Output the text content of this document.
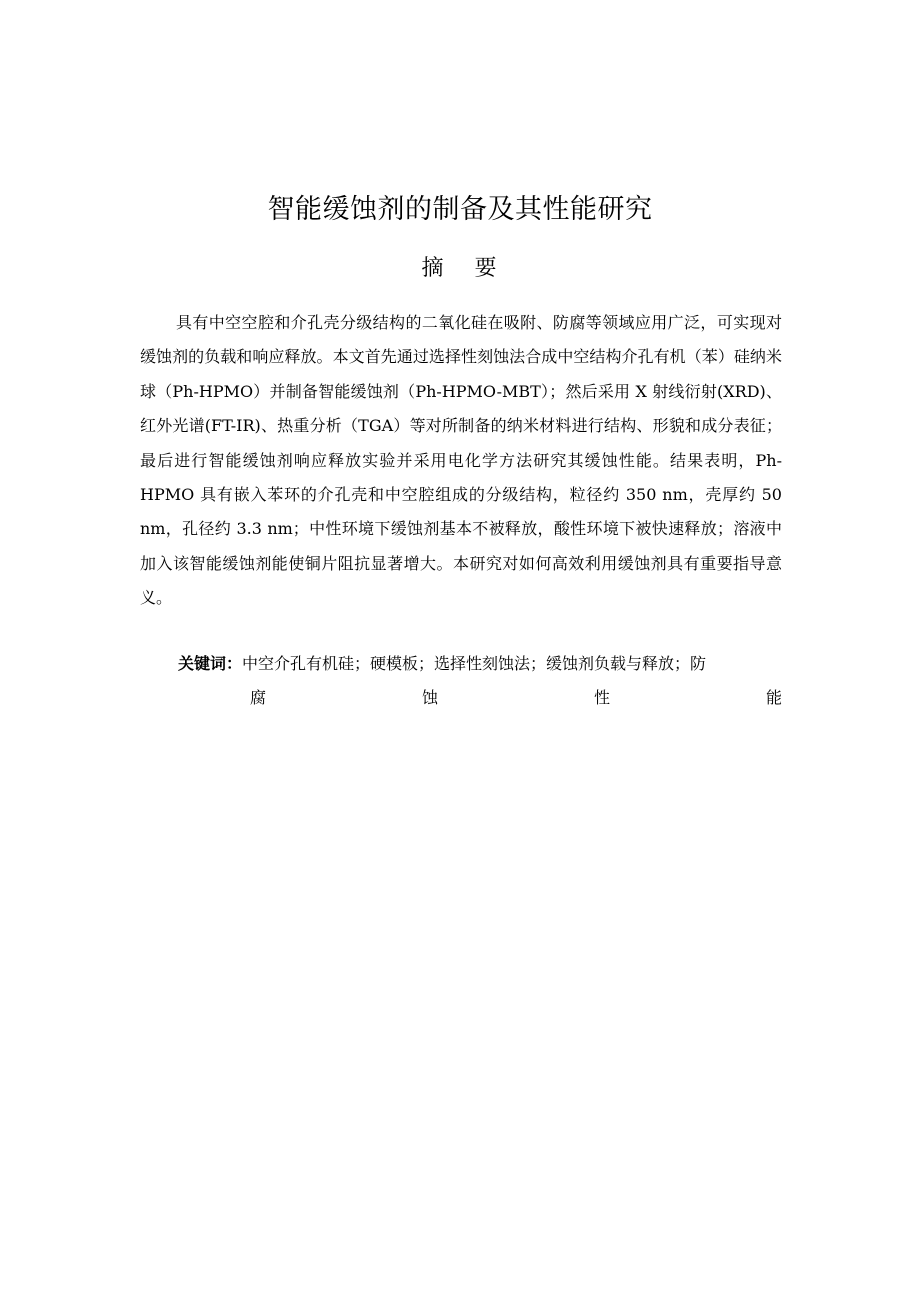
智能缓蚀剂的制备及其性能研究
摘 要

具有中空空腔和介孔壳分级结构的二氧化硅在吸附、防腐等领域应用广泛，可实现对缓蚀剂的负载和响应释放。本文首先通过选择性刻蚀法合成中空结构介孔有机（苯）硅纳米球（Ph-HPMO）并制备智能缓蚀剂（Ph-HPMO-MBT）；然后采用 X 射线衍射(XRD)、红外光谱(FT-IR)、热重分析（TGA）等对所制备的纳米材料进行结构、形貌和成分表征；最后进行智能缓蚀剂响应释放实验并采用电化学方法研究其缓蚀性能。结果表明，Ph-HPMO 具有嵌入苯环的介孔壳和中空腔组成的分级结构，粒径约 350 nm，壳厚约 50 nm，孔径约 3.3 nm；中性环境下缓蚀剂基本不被释放，酸性环境下被快速释放；溶液中加入该智能缓蚀剂能使铜片阻抗显著增大。本研究对如何高效利用缓蚀剂具有重要指导意义。

关键词：中空介孔有机硅；硬模板；选择性刻蚀法；缓蚀剂负载与释放；防
腐	蚀	性	能
